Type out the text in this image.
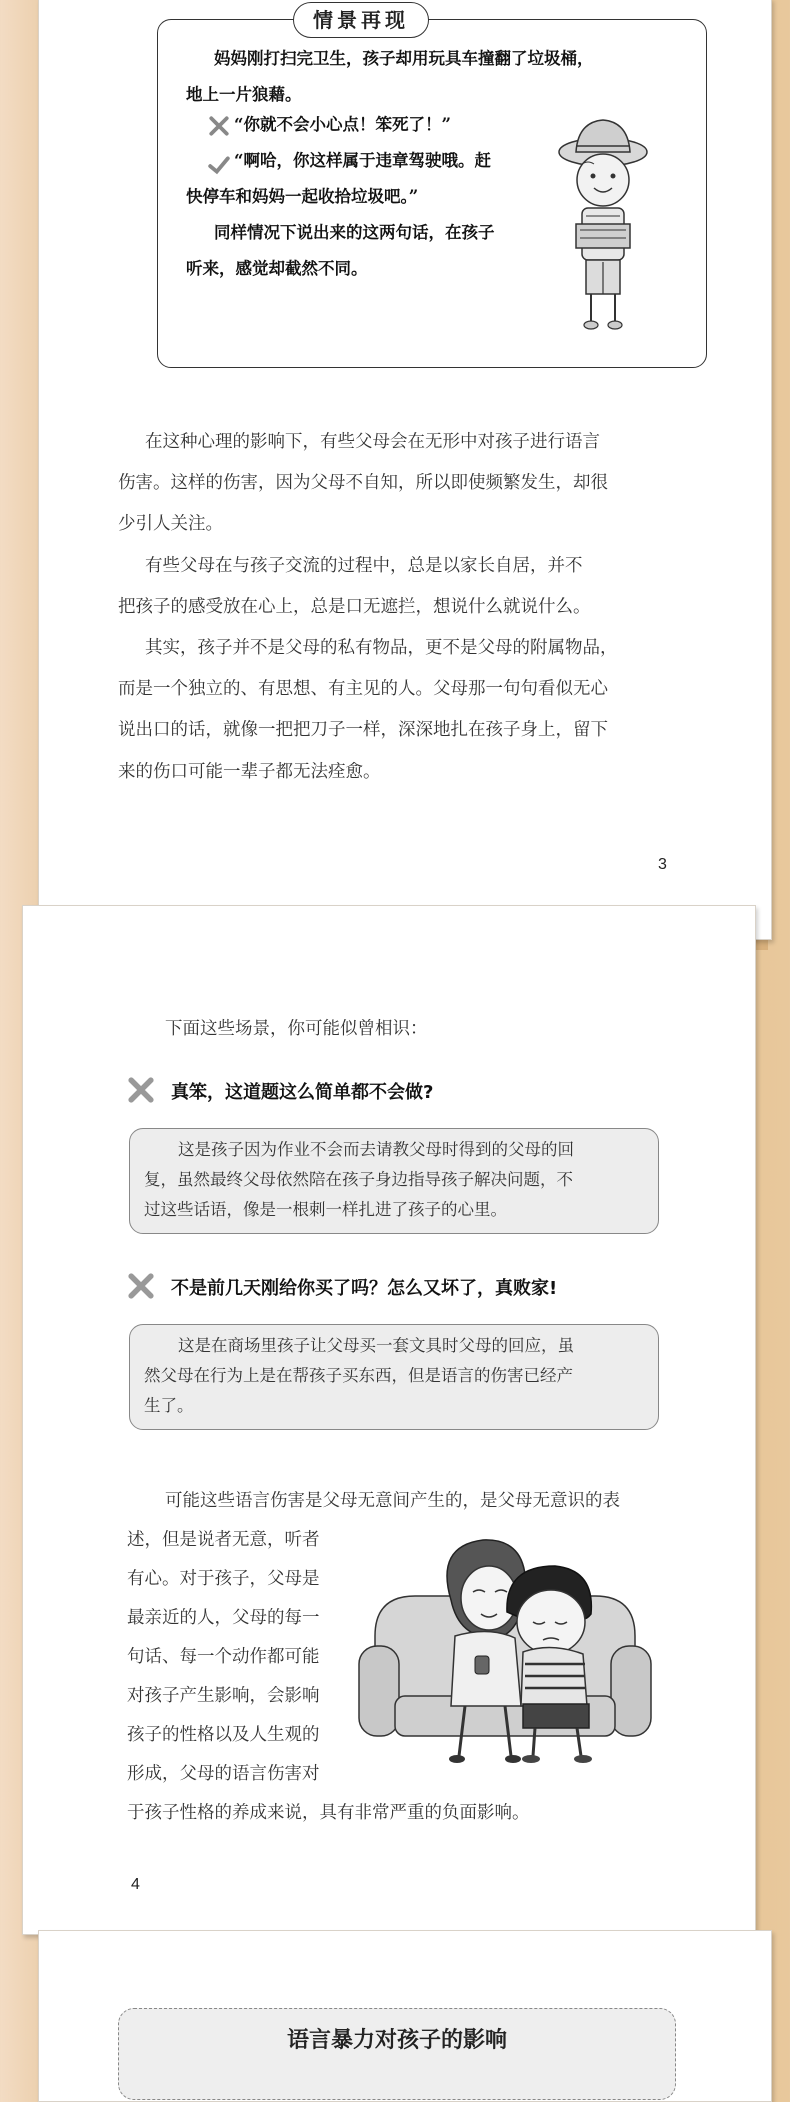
情景再现
妈妈刚打扫完卫生，孩子却用玩具车撞翻了垃圾桶，
地上一片狼藉。
“你就不会小心点！笨死了！”
“啊哈，你这样属于违章驾驶哦。赶
快停车和妈妈一起收拾垃圾吧。”
同样情况下说出来的这两句话，在孩子
听来，感觉却截然不同。
在这种心理的影响下，有些父母会在无形中对孩子进行语言
伤害。这样的伤害，因为父母不自知，所以即使频繁发生，却很
少引人关注。
有些父母在与孩子交流的过程中，总是以家长自居，并不
把孩子的感受放在心上，总是口无遮拦，想说什么就说什么。
其实，孩子并不是父母的私有物品，更不是父母的附属物品，
而是一个独立的、有思想、有主见的人。父母那一句句看似无心
说出口的话，就像一把把刀子一样，深深地扎在孩子身上，留下
来的伤口可能一辈子都无法痊愈。
3
下面这些场景，你可能似曾相识：
真笨，这道题这么简单都不会做?
这是孩子因为作业不会而去请教父母时得到的父母的回
复，虽然最终父母依然陪在孩子身边指导孩子解决问题，不
过这些话语，像是一根刺一样扎进了孩子的心里。
不是前几天刚给你买了吗？怎么又坏了，真败家!
这是在商场里孩子让父母买一套文具时父母的回应，虽
然父母在行为上是在帮孩子买东西，但是语言的伤害已经产
生了。
可能这些语言伤害是父母无意间产生的，是父母无意识的表
述，但是说者无意，听者
有心。对于孩子，父母是
最亲近的人，父母的每一
句话、每一个动作都可能
对孩子产生影响，会影响
孩子的性格以及人生观的
形成，父母的语言伤害对
于孩子性格的养成来说，具有非常严重的负面影响。
4
语言暴力对孩子的影响
